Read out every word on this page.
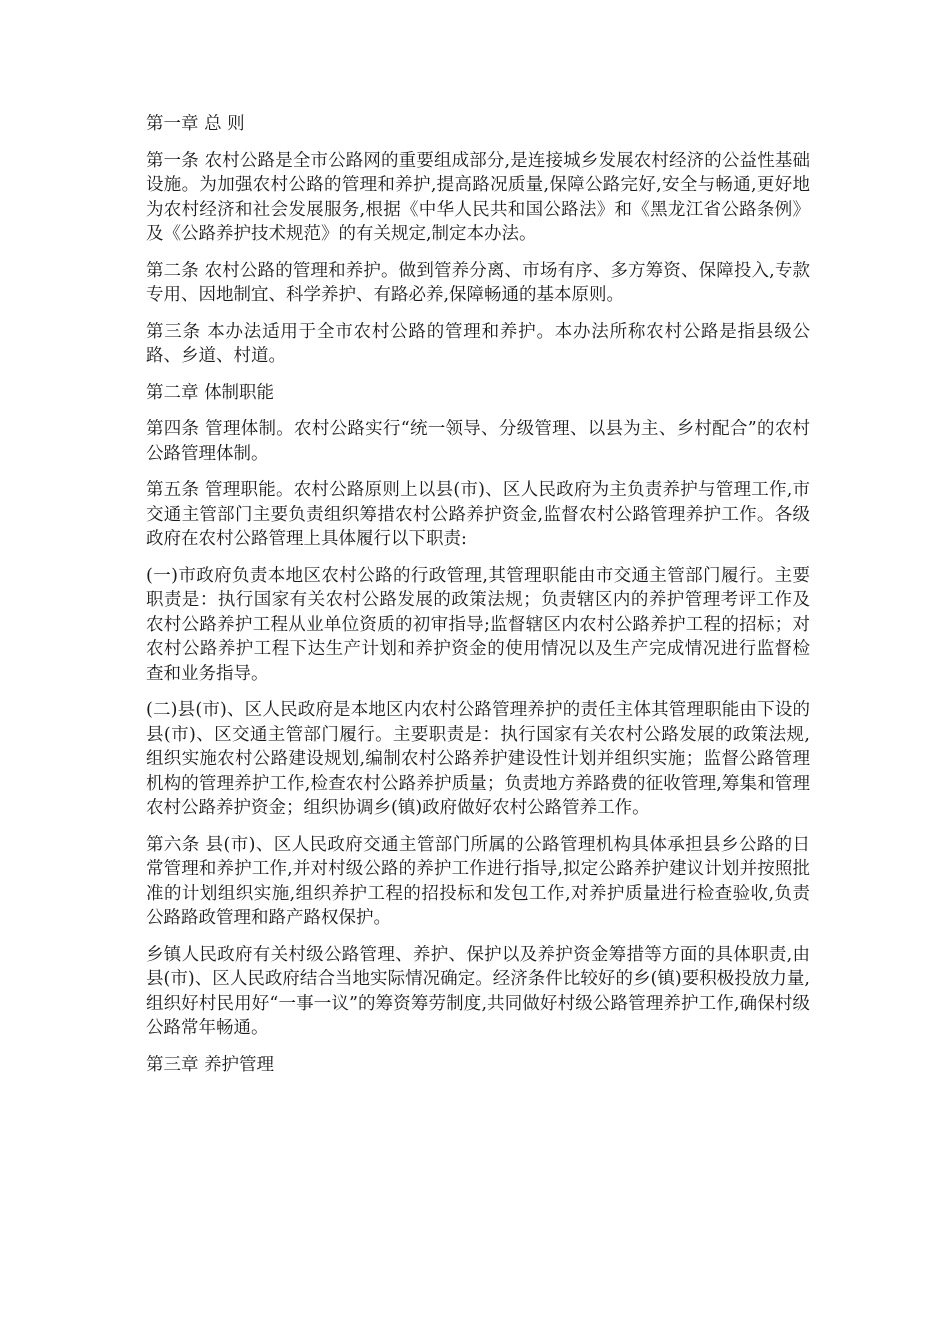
第一章 总 则

第一条 农村公路是全市公路网的重要组成部分,是连接城乡发展农村经济的公益性基础设施。为加强农村公路的管理和养护,提高路况质量,保障公路完好,安全与畅通,更好地为农村经济和社会发展服务,根据《中华人民共和国公路法》和《黑龙江省公路条例》及《公路养护技术规范》的有关规定,制定本办法。

第二条 农村公路的管理和养护。做到管养分离、市场有序、多方筹资、保障投入,专款专用、因地制宜、科学养护、有路必养,保障畅通的基本原则。

第三条 本办法适用于全市农村公路的管理和养护。本办法所称农村公路是指县级公路、乡道、村道。

第二章 体制职能

第四条 管理体制。农村公路实行“统一领导、分级管理、以县为主、乡村配合”的农村公路管理体制。

第五条 管理职能。农村公路原则上以县(市)、区人民政府为主负责养护与管理工作,市交通主管部门主要负责组织筹措农村公路养护资金,监督农村公路管理养护工作。各级政府在农村公路管理上具体履行以下职责:

(一)市政府负责本地区农村公路的行政管理,其管理职能由市交通主管部门履行。主要职责是：执行国家有关农村公路发展的政策法规；负责辖区内的养护管理考评工作及农村公路养护工程从业单位资质的初审指导;监督辖区内农村公路养护工程的招标；对农村公路养护工程下达生产计划和养护资金的使用情况以及生产完成情况进行监督检查和业务指导。

(二)县(市)、区人民政府是本地区内农村公路管理养护的责任主体其管理职能由下设的县(市)、区交通主管部门履行。主要职责是：执行国家有关农村公路发展的政策法规,组织实施农村公路建设规划,编制农村公路养护建设性计划并组织实施；监督公路管理机构的管理养护工作,检查农村公路养护质量；负责地方养路费的征收管理,筹集和管理农村公路养护资金；组织协调乡(镇)政府做好农村公路管养工作。

第六条 县(市)、区人民政府交通主管部门所属的公路管理机构具体承担县乡公路的日常管理和养护工作,并对村级公路的养护工作进行指导,拟定公路养护建议计划并按照批准的计划组织实施,组织养护工程的招投标和发包工作,对养护质量进行检查验收,负责公路路政管理和路产路权保护。

乡镇人民政府有关村级公路管理、养护、保护以及养护资金筹措等方面的具体职责,由县(市)、区人民政府结合当地实际情况确定。经济条件比较好的乡(镇)要积极投放力量,组织好村民用好“一事一议”的筹资筹劳制度,共同做好村级公路管理养护工作,确保村级公路常年畅通。

第三章 养护管理
